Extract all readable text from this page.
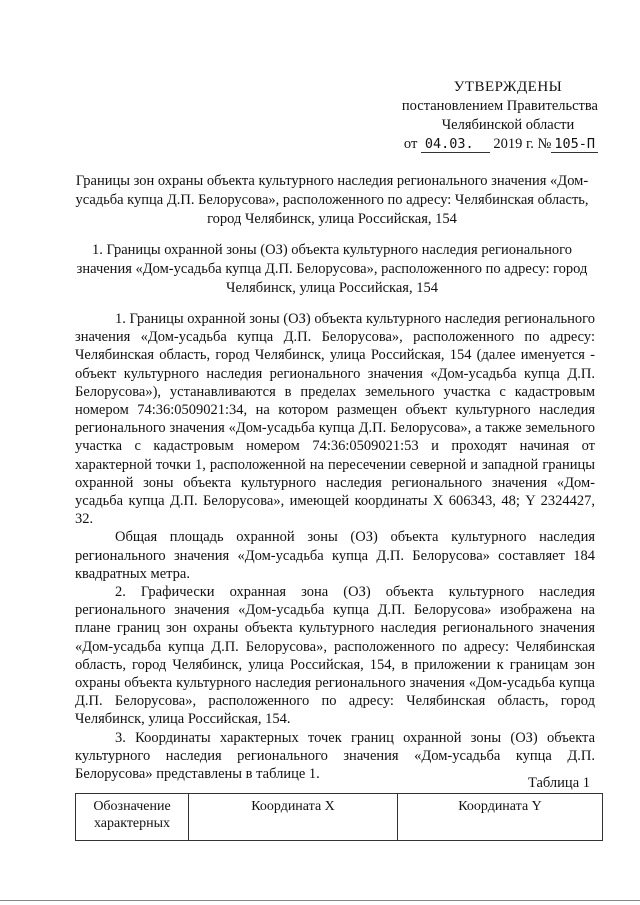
УТВЕРЖДЕНЫ
постановлением Правительства
Челябинской области
от 04.03. 2019 г. № 105-П
Границы зон охраны объекта культурного наследия регионального значения «Дом-усадьба купца Д.П. Белорусова», расположенного по адресу: Челябинская область, город Челябинск, улица Российская, 154
1. Границы охранной зоны (ОЗ) объекта культурного наследия регионального значения «Дом-усадьба купца Д.П. Белорусова», расположенного по адресу: город Челябинск, улица Российская, 154

1. Границы охранной зоны (ОЗ) объекта культурного наследия регионального значения «Дом-усадьба купца Д.П. Белорусова», расположенного по адресу: Челябинская область, город Челябинск, улица Российская, 154 (далее именуется - объект культурного наследия регионального значения «Дом-усадьба купца Д.П. Белорусова»), устанавливаются в пределах земельного участка с кадастровым номером 74:36:0509021:34, на котором размещен объект культурного наследия регионального значения «Дом-усадьба купца Д.П. Белорусова», а также земельного участка с кадастровым номером 74:36:0509021:53 и проходят начиная от характерной точки 1, расположенной на пересечении северной и западной границы охранной зоны объекта культурного наследия регионального значения «Дом-усадьба купца Д.П. Белорусова», имеющей координаты Х 606343, 48; Y 2324427, 32.

Общая площадь охранной зоны (ОЗ) объекта культурного наследия регионального значения «Дом-усадьба купца Д.П. Белорусова» составляет 184 квадратных метра.

2. Графически охранная зона (ОЗ) объекта культурного наследия регионального значения «Дом-усадьба купца Д.П. Белорусова» изображена на плане границ зон охраны объекта культурного наследия регионального значения «Дом-усадьба купца Д.П. Белорусова», расположенного по адресу: Челябинская область, город Челябинск, улица Российская, 154, в приложении к границам зон охраны объекта культурного наследия регионального значения «Дом-усадьба купца Д.П. Белорусова», расположенного по адресу: Челябинская область, город Челябинск, улица Российская, 154.

3. Координаты характерных точек границ охранной зоны (ОЗ) объекта культурного наследия регионального значения «Дом-усадьба купца Д.П. Белорусова» представлены в таблице 1.

Таблица 1
Обозначение характерных	Координата Х	Координата Y
